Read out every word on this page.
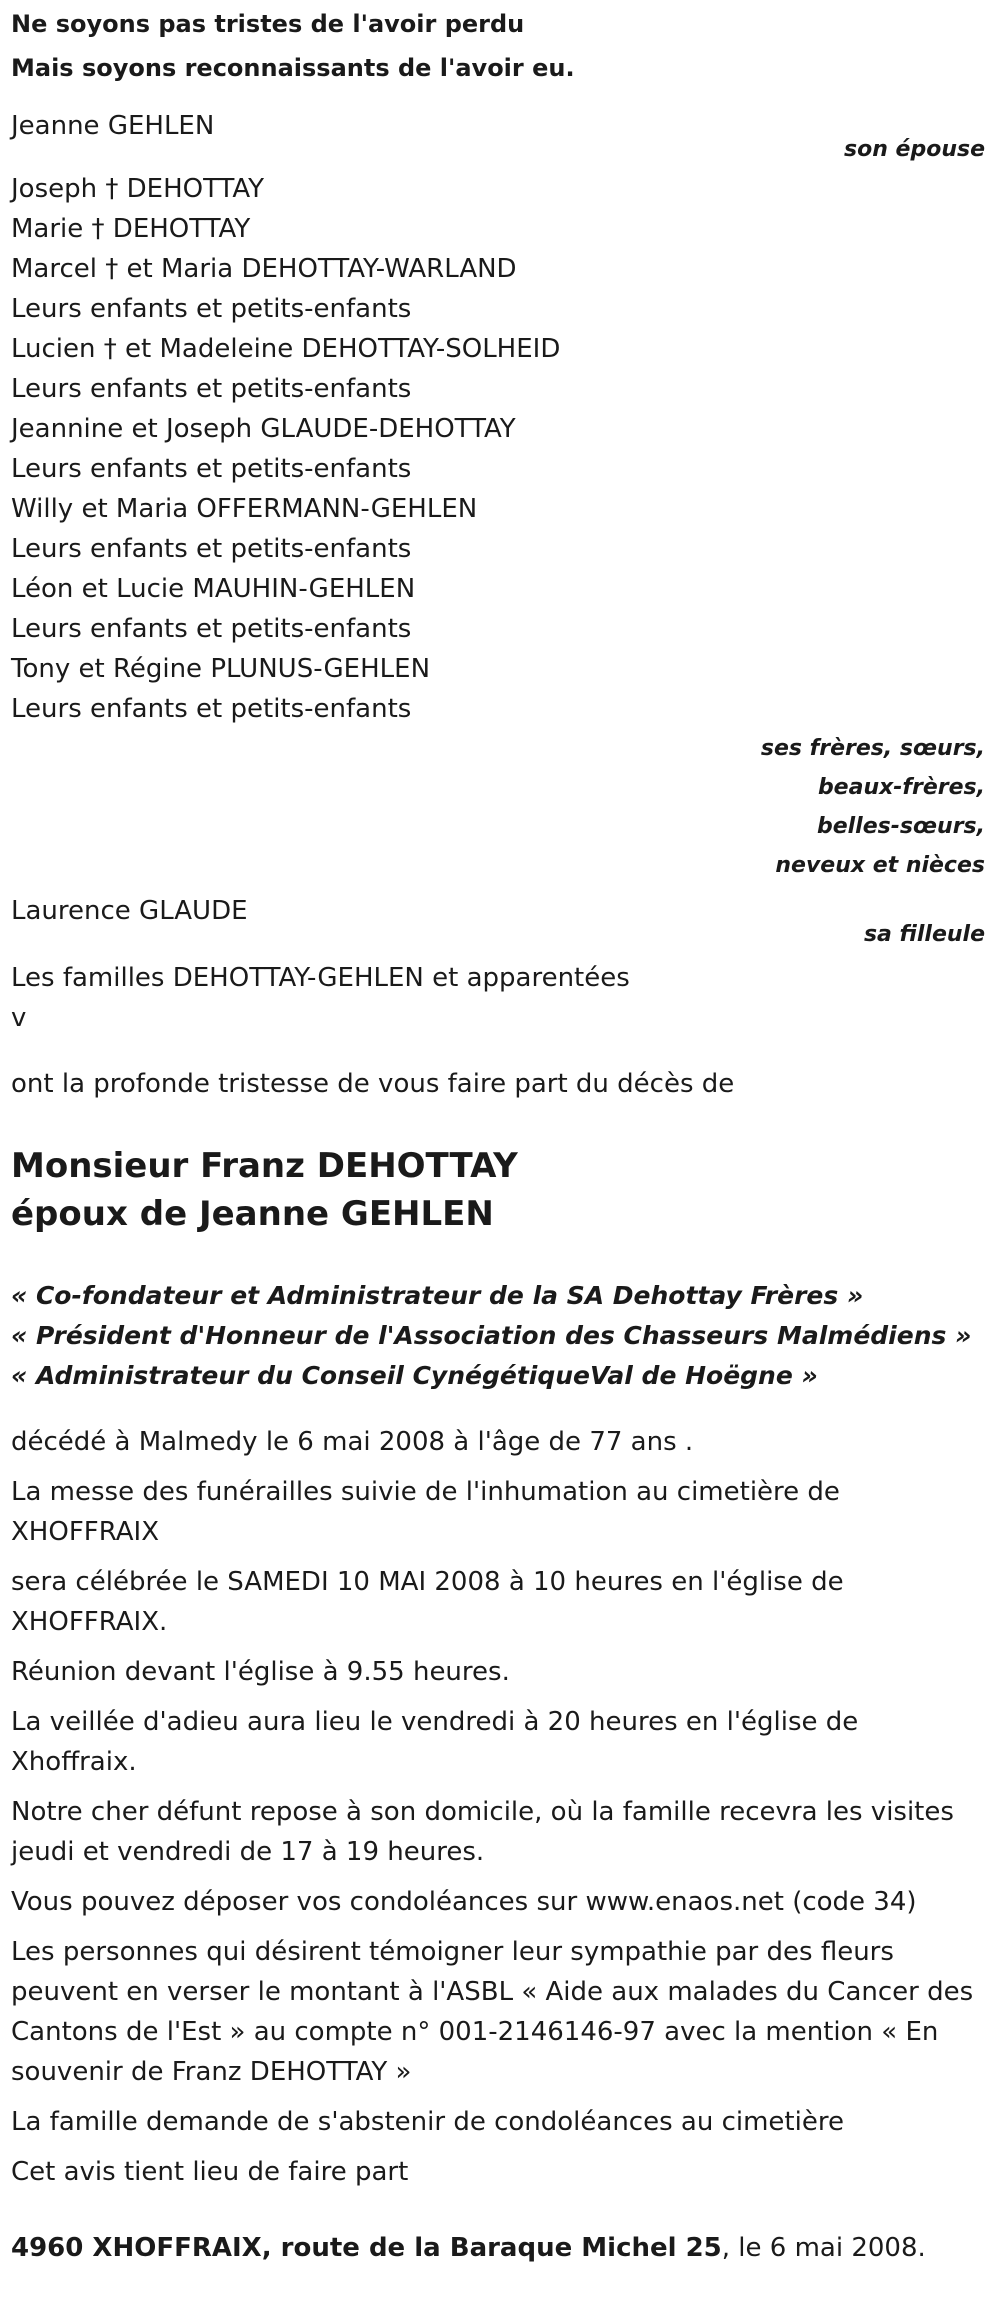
Ne soyons pas tristes de l'avoir perdu
Mais soyons reconnaissants de l'avoir eu.
Jeanne GEHLEN
son épouse
Joseph † DEHOTTAY
Marie † DEHOTTAY
Marcel † et Maria DEHOTTAY-WARLAND
Leurs enfants et petits-enfants
Lucien † et Madeleine DEHOTTAY-SOLHEID
Leurs enfants et petits-enfants
Jeannine et Joseph GLAUDE-DEHOTTAY
Leurs enfants et petits-enfants
Willy et Maria OFFERMANN-GEHLEN
Leurs enfants et petits-enfants
Léon et Lucie MAUHIN-GEHLEN
Leurs enfants et petits-enfants
Tony et Régine PLUNUS-GEHLEN
Leurs enfants et petits-enfants
ses frères, sœurs,
beaux-frères,
belles-sœurs,
neveux et nièces
Laurence GLAUDE
sa filleule
Les familles DEHOTTAY-GEHLEN et apparentées
v
ont la profonde tristesse de vous faire part du décès de
Monsieur Franz DEHOTTAY
époux de Jeanne GEHLEN
« Co-fondateur et Administrateur de la SA Dehottay Frères »
« Président d'Honneur de l'Association des Chasseurs Malmédiens »
« Administrateur du Conseil CynégétiqueVal de Hoëgne »
décédé à Malmedy le 6 mai 2008 à l'âge de 77 ans .
La messe des funérailles suivie de l'inhumation au cimetière de XHOFFRAIX
sera célébrée le SAMEDI 10 MAI 2008 à 10 heures en l'église de XHOFFRAIX.
Réunion devant l'église à 9.55 heures.
La veillée d'adieu aura lieu le vendredi à 20 heures en l'église de Xhoffraix.
Notre cher défunt repose à son domicile, où la famille recevra les visites jeudi et vendredi de 17 à 19 heures.
Vous pouvez déposer vos condoléances sur www.enaos.net (code 34)
Les personnes qui désirent témoigner leur sympathie par des fleurs peuvent en verser le montant à l'ASBL « Aide aux malades du Cancer des Cantons de l'Est » au compte n° 001-2146146-97 avec la mention « En souvenir de Franz DEHOTTAY »
La famille demande de s'abstenir de condoléances au cimetière
Cet avis tient lieu de faire part
4960 XHOFFRAIX, route de la Baraque Michel 25, le 6 mai 2008.
